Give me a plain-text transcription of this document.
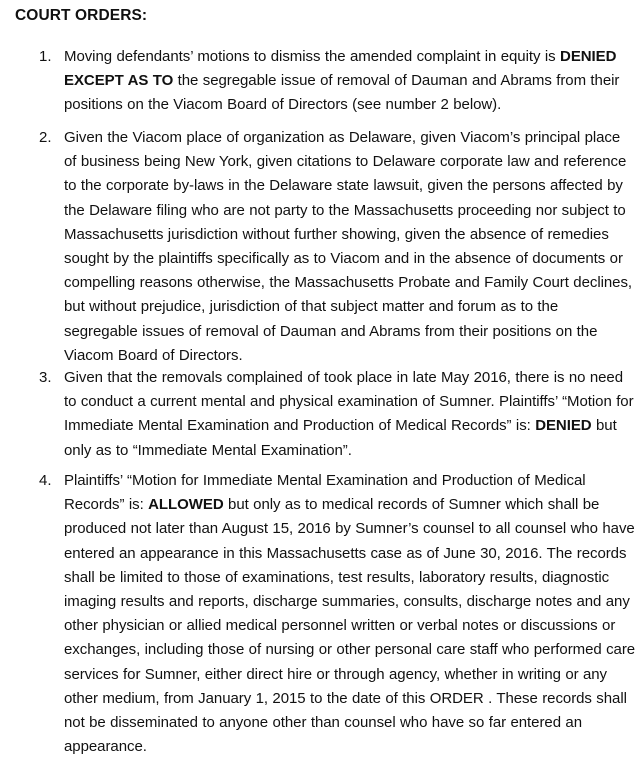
COURT ORDERS:
1. Moving defendants’ motions to dismiss the amended complaint in equity is DENIED EXCEPT AS TO the segregable issue of removal of Dauman and Abrams from their positions on the Viacom Board of Directors (see number 2 below).
2. Given the Viacom place of organization as Delaware, given Viacom’s principal place of business being New York, given citations to Delaware corporate law and reference to the corporate by-laws in the Delaware state lawsuit, given the persons affected by the Delaware filing who are not party to the Massachusetts proceeding nor subject to Massachusetts jurisdiction without further showing, given the absence of remedies sought by the plaintiffs specifically as to Viacom and in the absence of documents or compelling reasons otherwise, the Massachusetts Probate and Family Court declines, but without prejudice, jurisdiction of that subject matter and forum as to the segregable issues of removal of Dauman and Abrams from their positions on the Viacom Board of Directors.
3. Given that the removals complained of took place in late May 2016, there is no need to conduct a current mental and physical examination of Sumner. Plaintiffs’ “Motion for Immediate Mental Examination and Production of Medical Records” is: DENIED but only as to “Immediate Mental Examination”.
4. Plaintiffs’ “Motion for Immediate Mental Examination and Production of Medical Records” is: ALLOWED but only as to medical records of Sumner which shall be produced not later than August 15, 2016 by Sumner’s counsel to all counsel who have entered an appearance in this Massachusetts case as of June 30, 2016. The records shall be limited to those of examinations, test results, laboratory results, diagnostic imaging results and reports, discharge summaries, consults, discharge notes and any other physician or allied medical personnel written or verbal notes or discussions or exchanges, including those of nursing or other personal care staff who performed care services for Sumner, either direct hire or through agency, whether in writing or any other medium, from January 1, 2015 to the date of this ORDER . These records shall not be disseminated to anyone other than counsel who have so far entered an appearance.
